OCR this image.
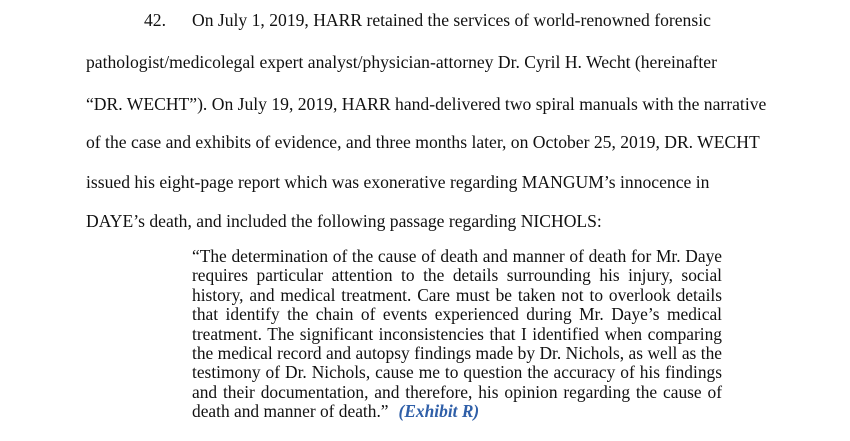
42. On July 1, 2019, HARR retained the services of world-renowned forensic
pathologist/medicolegal expert analyst/physician-attorney Dr. Cyril H. Wecht (hereinafter
“DR. WECHT”). On July 19, 2019, HARR hand-delivered two spiral manuals with the narrative
of the case and exhibits of evidence, and three months later, on October 25, 2019, DR. WECHT
issued his eight-page report which was exonerative regarding MANGUM’s innocence in
DAYE’s death, and included the following passage regarding NICHOLS:
“The determination of the cause of death and manner of death for Mr. Daye
requires particular attention to the details surrounding his injury, social
history, and medical treatment. Care must be taken not to overlook details
that identify the chain of events experienced during Mr. Daye’s medical
treatment. The significant inconsistencies that I identified when comparing
the medical record and autopsy findings made by Dr. Nichols, as well as the
testimony of Dr. Nichols, cause me to question the accuracy of his findings
and their documentation, and therefore, his opinion regarding the cause of
death and manner of death.” (Exhibit R)
